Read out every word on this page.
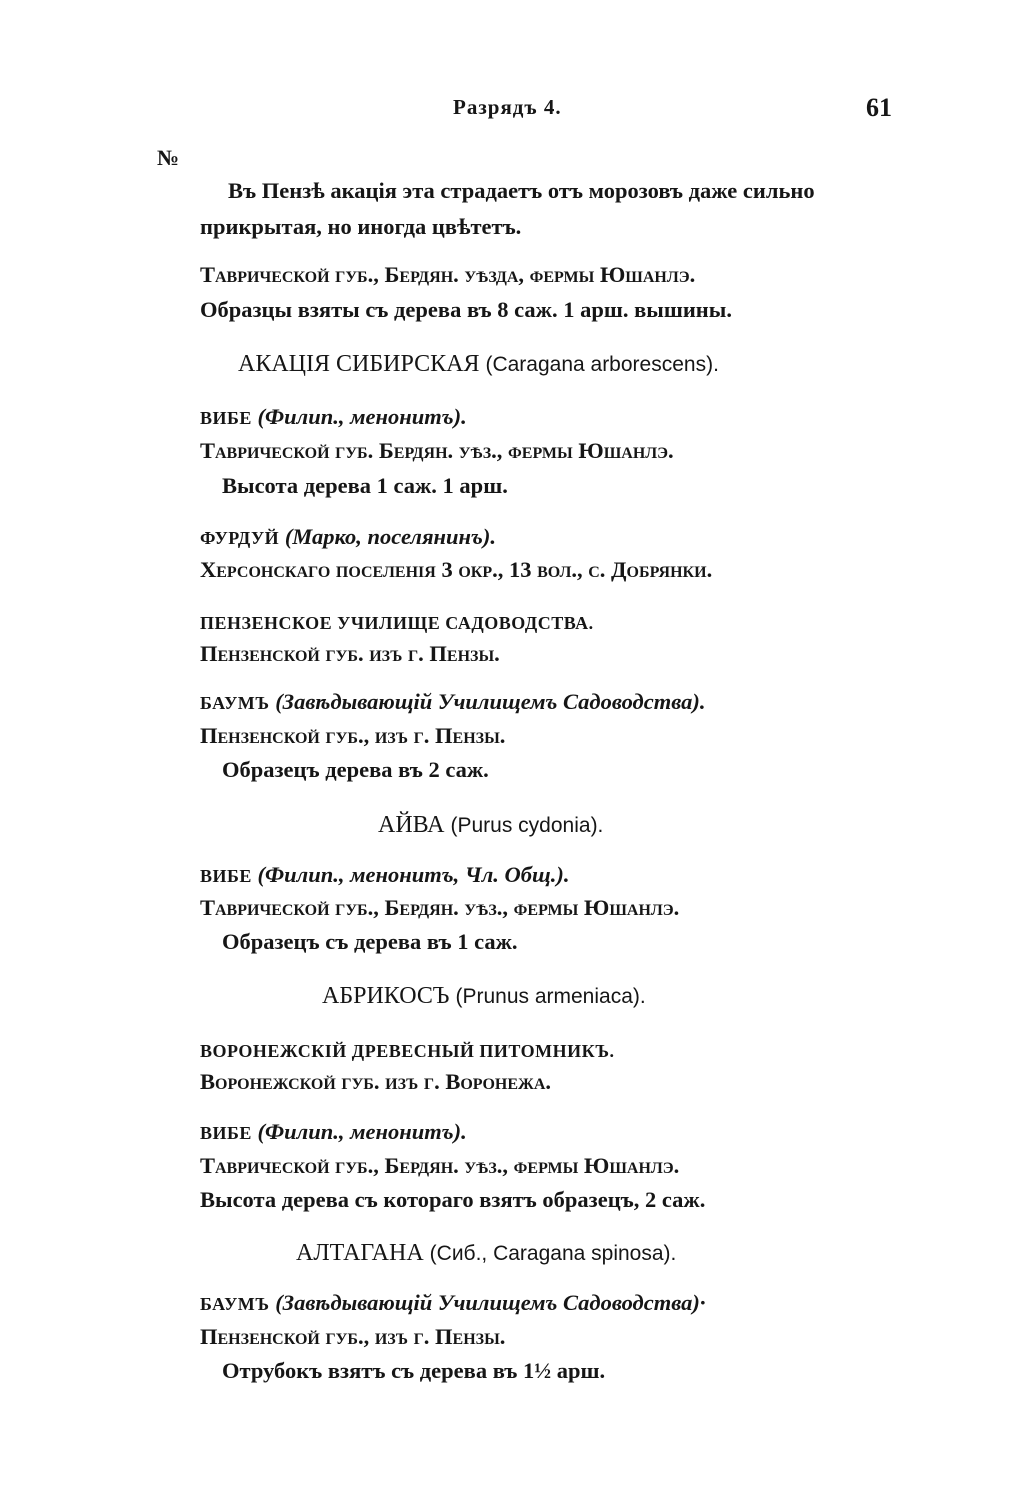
Разрядъ 4.	61
№
Въ Пензѣ акація эта страдаетъ отъ морозовъ даже сильно
прикрытая, но иногда цвѣтетъ.
Таврической губ., Бердян. уѣзда, фермы Юшанлэ.
Образцы взяты съ дерева въ 8 саж. 1 арш. вышины.
АКАЦІЯ СИБИРСКАЯ (Caragana arborescens).
ВИБЕ (Филип., менонитъ).
Таврической губ. Бердян. уѣз., фермы Юшанлэ.
Высота дерева 1 саж. 1 арш.
ФУРДУЙ (Марко, поселянинъ).
Херсонскаго поселенія 3 окр., 13 вол., с. Добрянки.
ПЕНЗЕНСКОЕ УЧИЛИЩЕ САДОВОДСТВА.
Пензенской губ. изъ г. Пензы.
БАУМЪ (Завѣдывающій Училищемъ Садоводства).
Пензенской губ., изъ г. Пензы.
Образецъ дерева въ 2 саж.
АЙВА (Purus cydonia).
ВИБЕ (Филип., менонитъ, Чл. Общ.).
Таврической губ., Бердян. уѣз., фермы Юшанлэ.
Образецъ съ дерева въ 1 саж.
АБРИКОСЪ (Prunus armeniaca).
ВОРОНЕЖСКІЙ ДРЕВЕСНЫЙ ПИТОМНИКЪ.
Воронежской губ. изъ г. Воронежа.
ВИБЕ (Филип., менонитъ).
Таврической губ., Бердян. уѣз., фермы Юшанлэ.
Высота дерева съ котораго взятъ образецъ, 2 саж.
АЛТАГАНА (Сиб., Caragana spinosa).
БАУМЪ (Завѣдывающій Училищемъ Садоводства)·
Пензенской губ., изъ г. Пензы.
Отрубокъ взятъ съ дерева въ 1½ арш.
